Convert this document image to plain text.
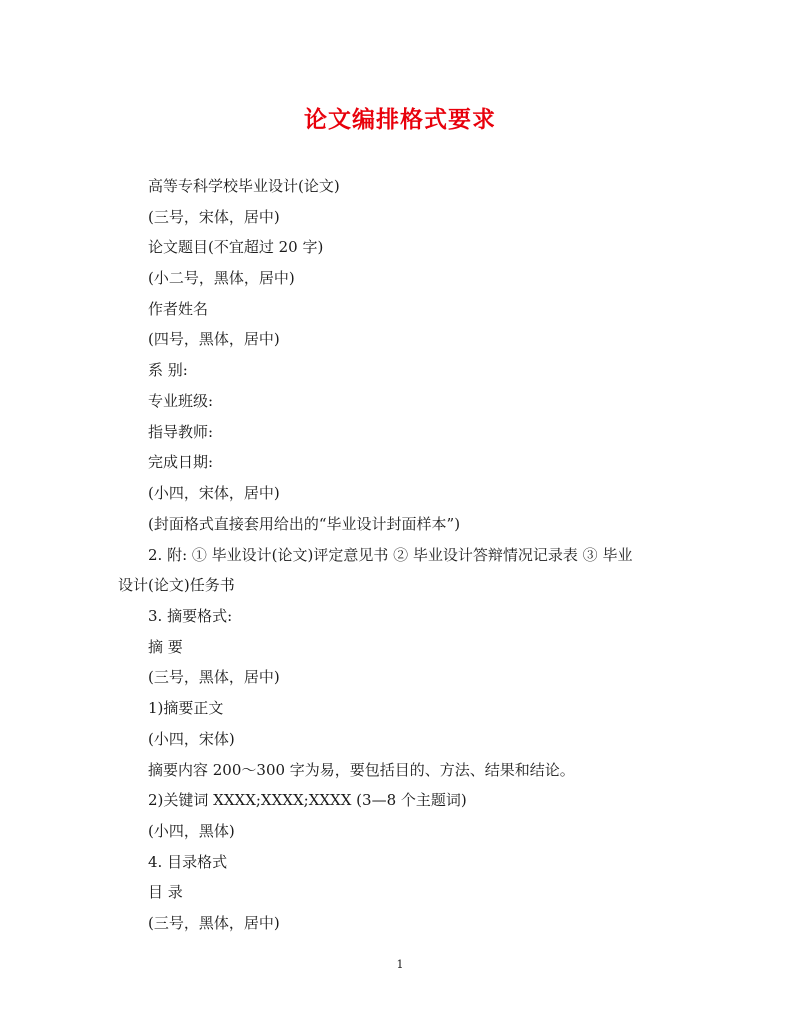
论文编排格式要求
高等专科学校毕业设计(论文)
(三号，宋体，居中)
论文题目(不宜超过 20 字)
(小二号，黑体，居中)
作者姓名
(四号，黑体，居中)
系 别:
专业班级:
指导教师:
完成日期:
(小四，宋体，居中)
(封面格式直接套用给出的“毕业设计封面样本”)
2. 附: ① 毕业设计(论文)评定意见书 ② 毕业设计答辩情况记录表 ③ 毕业
设计(论文)任务书
3. 摘要格式:
摘 要
(三号，黑体，居中)
1)摘要正文
(小四，宋体)
摘要内容 200～300 字为易，要包括目的、方法、结果和结论。
2)关键词 XXXX;XXXX;XXXX (3—8 个主题词)
(小四，黑体)
4. 目录格式
目 录
(三号，黑体，居中)
1
